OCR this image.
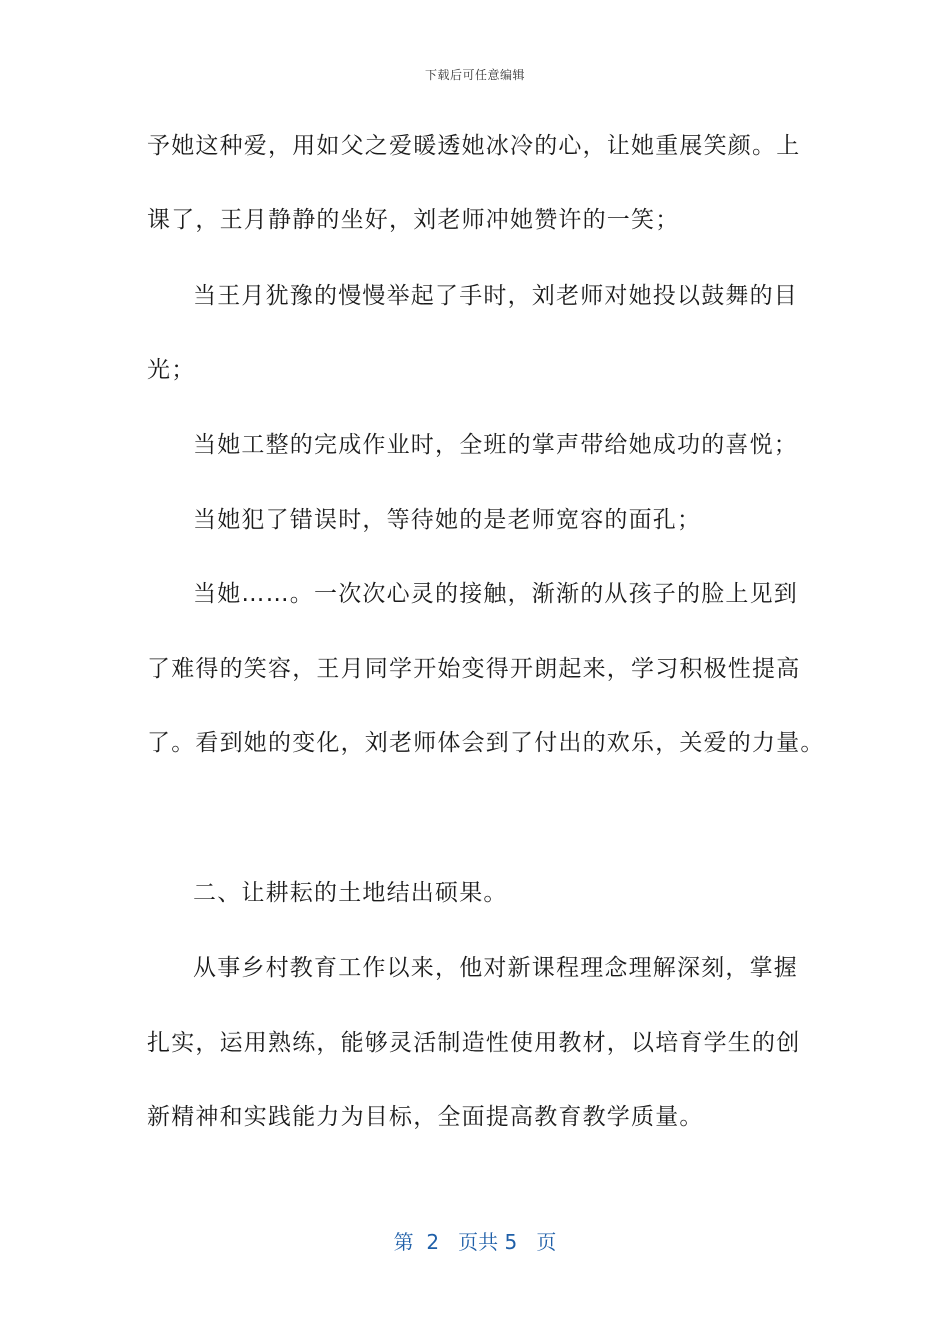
下载后可任意编辑
予她这种爱，用如父之爱暖透她冰冷的心，让她重展笑颜。上
课了，王月静静的坐好，刘老师冲她赞许的一笑；
当王月犹豫的慢慢举起了手时，刘老师对她投以鼓舞的目
光；
当她工整的完成作业时，全班的掌声带给她成功的喜悦；
当她犯了错误时，等待她的是老师宽容的面孔；
当她……。一次次心灵的接触，渐渐的从孩子的脸上见到
了难得的笑容，王月同学开始变得开朗起来，学习积极性提高
了。看到她的变化，刘老师体会到了付出的欢乐，关爱的力量。
二、让耕耘的土地结出硕果。
从事乡村教育工作以来，他对新课程理念理解深刻，掌握
扎实，运用熟练，能够灵活制造性使用教材，以培育学生的创
新精神和实践能力为目标，全面提高教育教学质量。
第  2   页共 5   页
